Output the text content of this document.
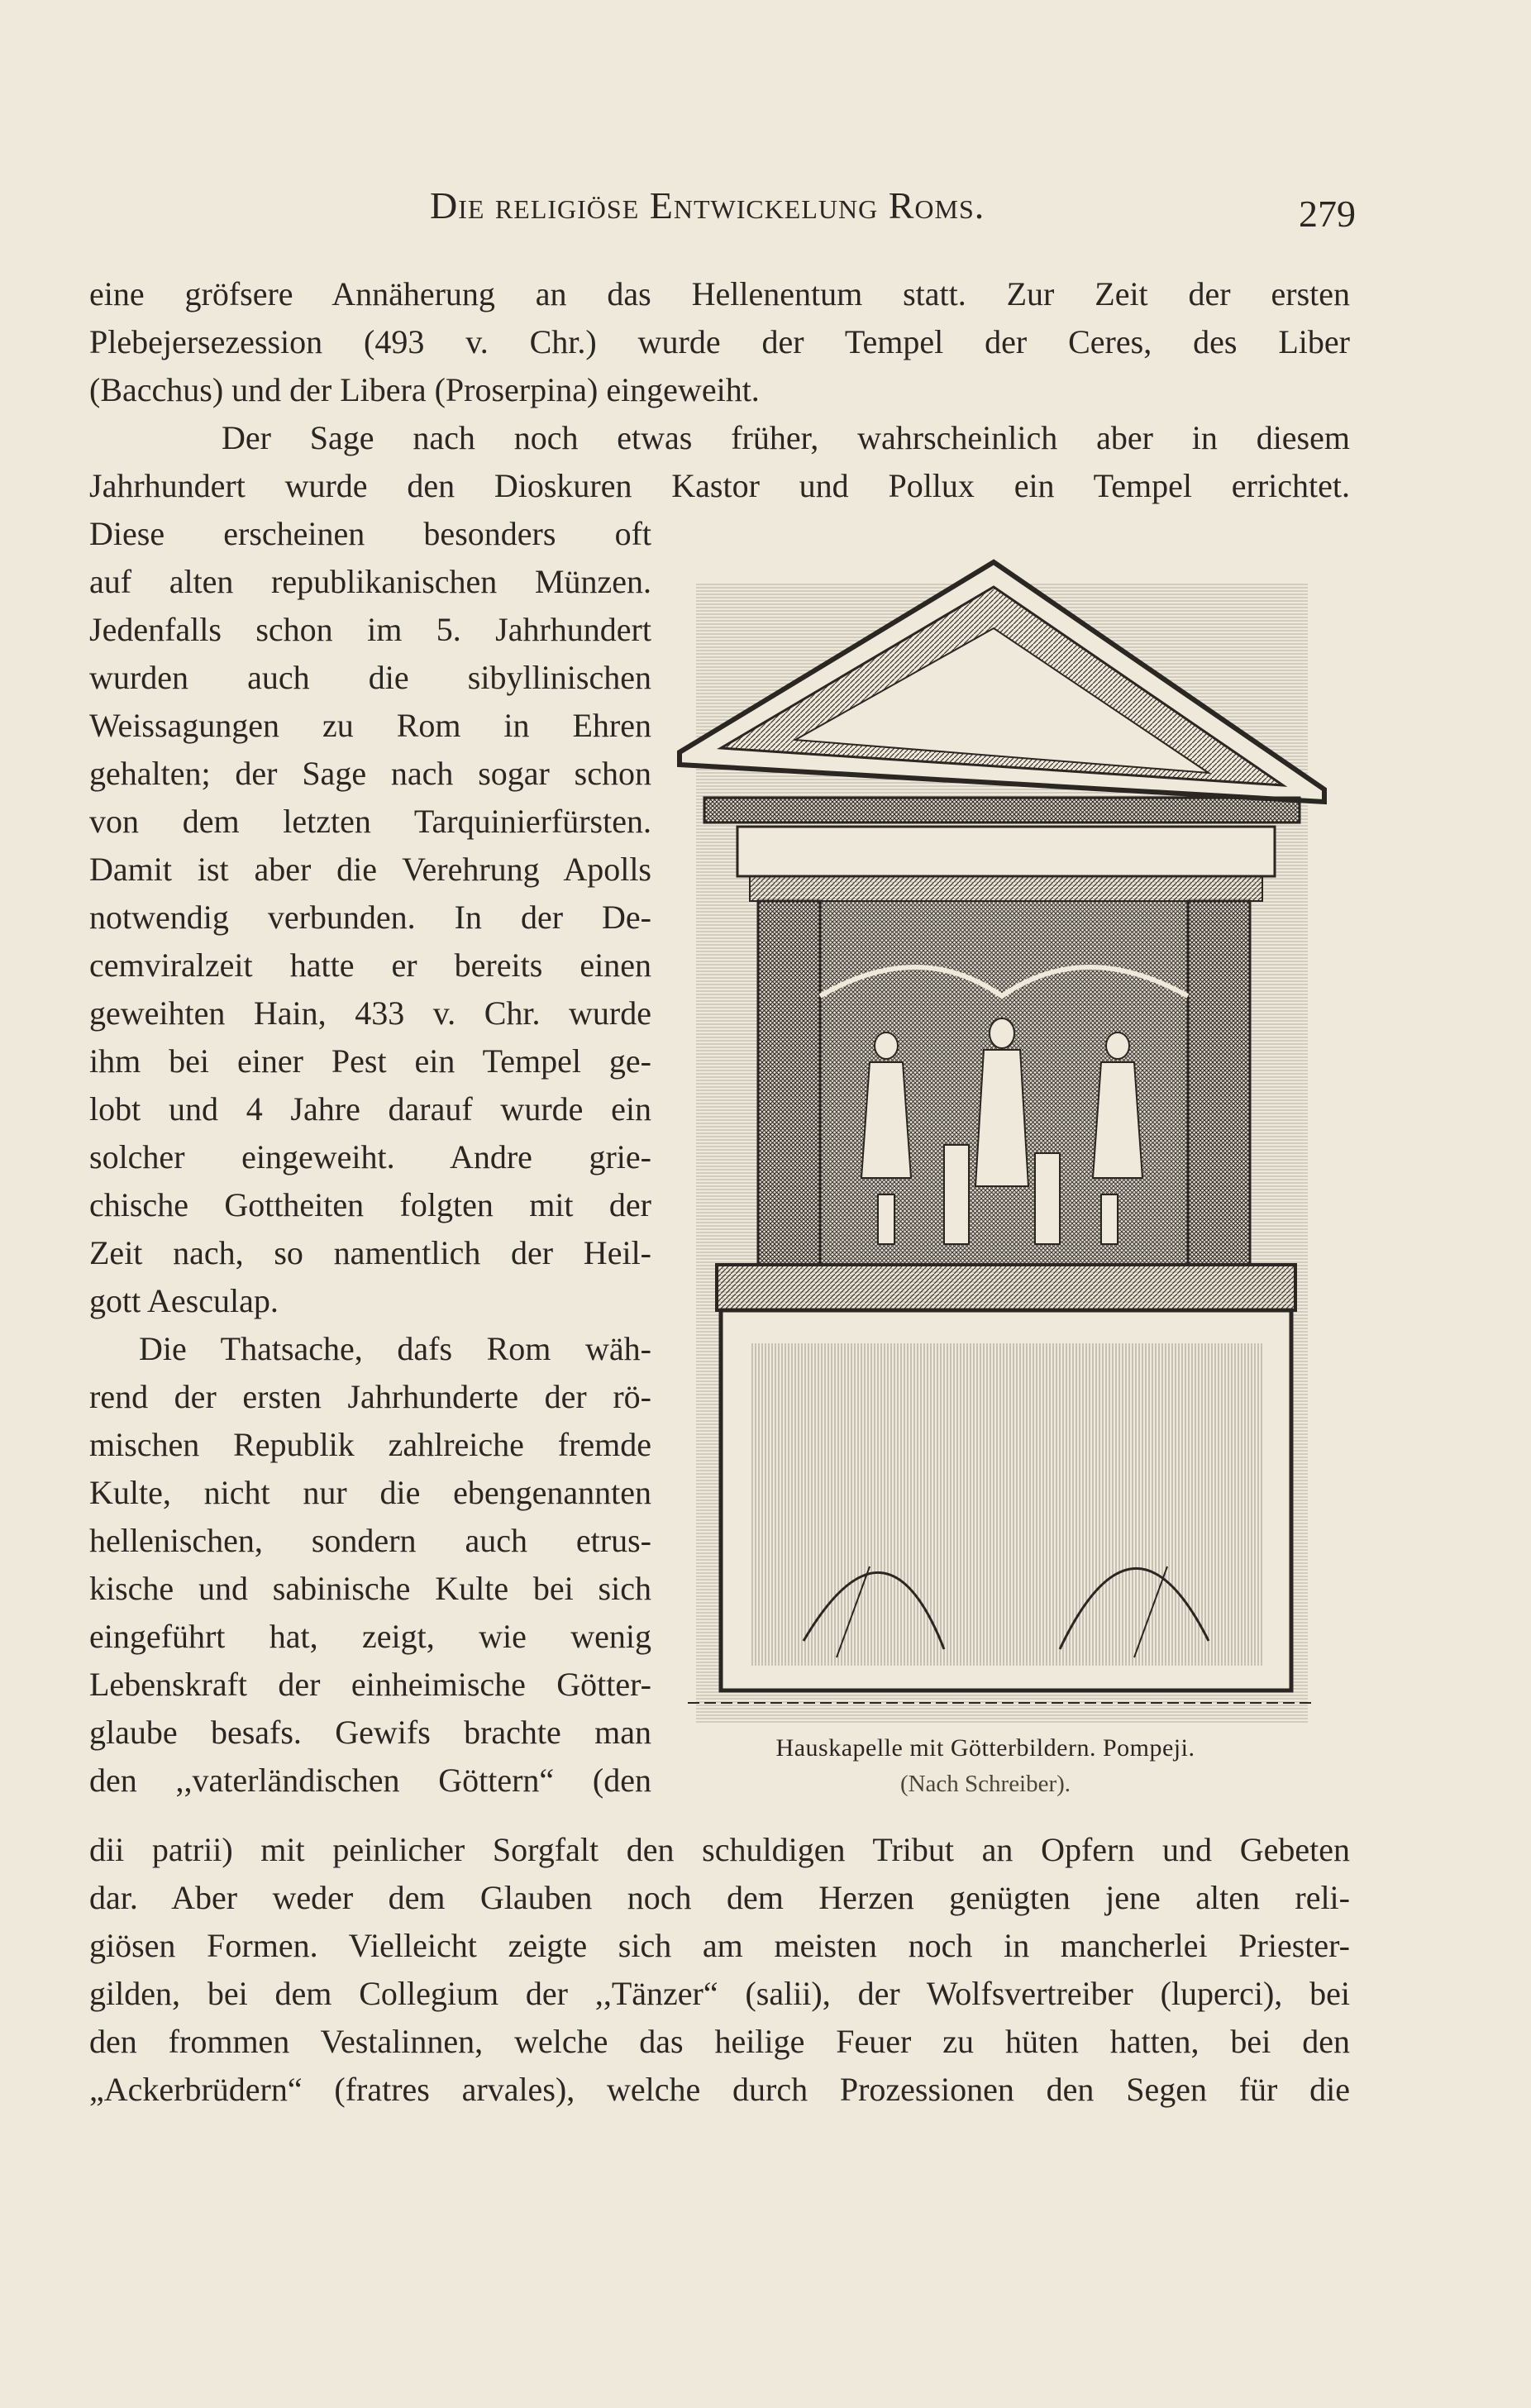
Die religiöse Entwickelung Roms.	279
eine gröfsere Annäherung an das Hellenentum statt. Zur Zeit der ersten
Plebejersezession (493 v. Chr.) wurde der Tempel der Ceres, des Liber
(Bacchus) und der Libera (Proserpina) eingeweiht.
Der Sage nach noch etwas früher, wahrscheinlich aber in diesem
Jahrhundert wurde den Dioskuren Kastor und Pollux ein Tempel errichtet.
Diese erscheinen besonders oft
auf alten republikanischen Münzen.
Jedenfalls schon im 5. Jahrhundert
wurden auch die sibyllinischen
Weissagungen zu Rom in Ehren
gehalten; der Sage nach sogar schon
von dem letzten Tarquinierfürsten.
Damit ist aber die Verehrung Apolls
notwendig verbunden. In der De-
cemviralzeit hatte er bereits einen
geweihten Hain, 433 v. Chr. wurde
ihm bei einer Pest ein Tempel ge-
lobt und 4 Jahre darauf wurde ein
solcher eingeweiht. Andre grie-
chische Gottheiten folgten mit der
Zeit nach, so namentlich der Heil-
gott Aesculap.
Die Thatsache, dafs Rom wäh-
rend der ersten Jahrhunderte der rö-
mischen Republik zahlreiche fremde
Kulte, nicht nur die ebengenannten
hellenischen, sondern auch etrus-
kische und sabinische Kulte bei sich
eingeführt hat, zeigt, wie wenig
Lebenskraft der einheimische Götter-
glaube besafs. Gewifs brachte man
den ,,vaterländischen Göttern“ (den
Hauskapelle mit Götterbildern. Pompeji.
(Nach Schreiber).
dii patrii) mit peinlicher Sorgfalt den schuldigen Tribut an Opfern und Gebeten
dar. Aber weder dem Glauben noch dem Herzen genügten jene alten reli-
giösen Formen. Vielleicht zeigte sich am meisten noch in mancherlei Priester-
gilden, bei dem Collegium der ,,Tänzer“ (salii), der Wolfsvertreiber (luperci), bei
den frommen Vestalinnen, welche das heilige Feuer zu hüten hatten, bei den
„Ackerbrüdern“ (fratres arvales), welche durch Prozessionen den Segen für die
